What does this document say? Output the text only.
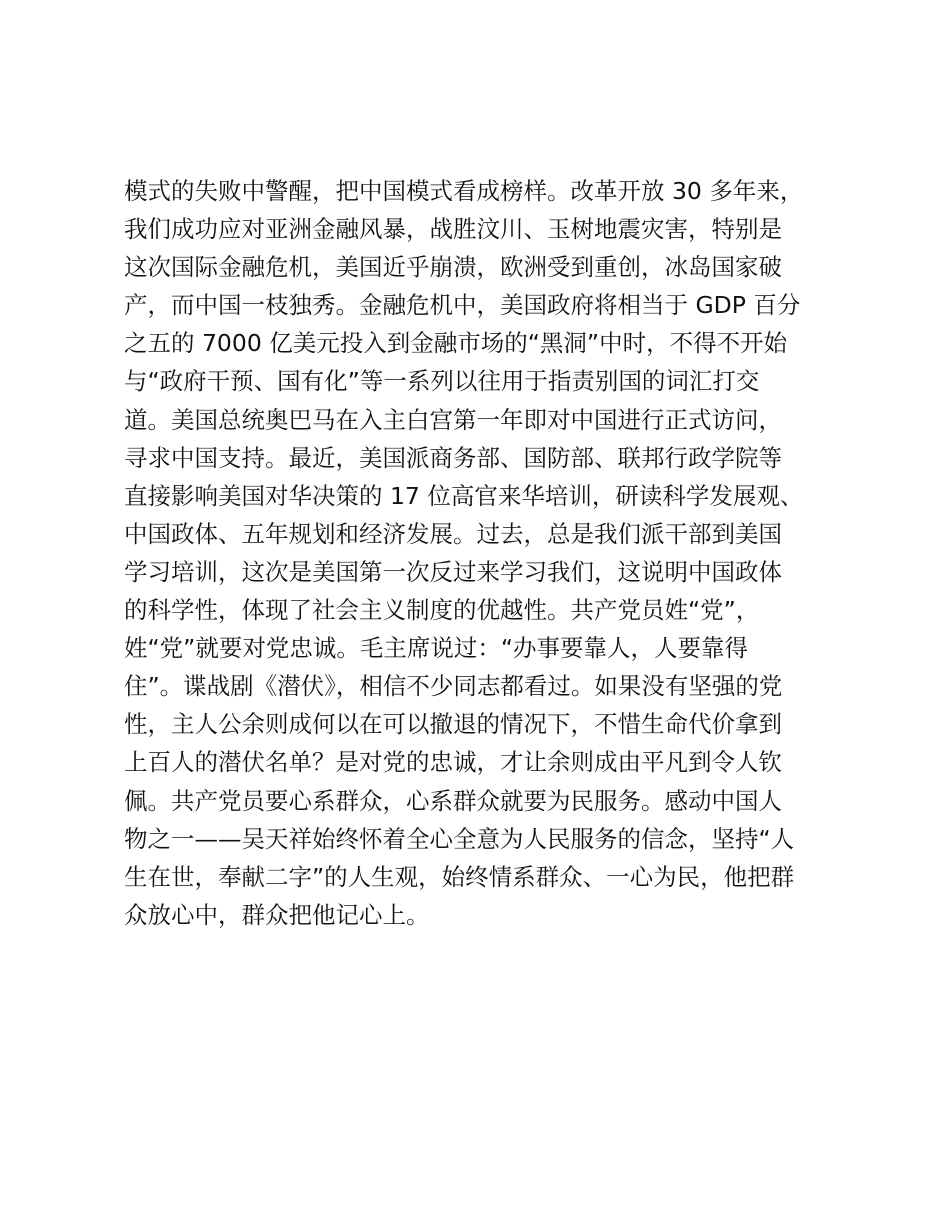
模式的失败中警醒，把中国模式看成榜样。改革开放 30 多年来，
我们成功应对亚洲金融风暴，战胜汶川、玉树地震灾害，特别是
这次国际金融危机，美国近乎崩溃，欧洲受到重创，冰岛国家破
产，而中国一枝独秀。金融危机中，美国政府将相当于 GDP 百分
之五的 7000 亿美元投入到金融市场的“黑洞”中时，不得不开始
与“政府干预、国有化”等一系列以往用于指责别国的词汇打交
道。美国总统奥巴马在入主白宫第一年即对中国进行正式访问，
寻求中国支持。最近，美国派商务部、国防部、联邦行政学院等
直接影响美国对华决策的 17 位高官来华培训，研读科学发展观、
中国政体、五年规划和经济发展。过去，总是我们派干部到美国
学习培训，这次是美国第一次反过来学习我们，这说明中国政体
的科学性，体现了社会主义制度的优越性。共产党员姓“党”，
姓“党”就要对党忠诚。毛主席说过：“办事要靠人，人要靠得
住”。谍战剧《潜伏》，相信不少同志都看过。如果没有坚强的党
性，主人公余则成何以在可以撤退的情况下，不惜生命代价拿到
上百人的潜伏名单？是对党的忠诚，才让余则成由平凡到令人钦
佩。共产党员要心系群众，心系群众就要为民服务。感动中国人
物之一——吴天祥始终怀着全心全意为人民服务的信念，坚持“人
生在世，奉献二字”的人生观，始终情系群众、一心为民，他把群
众放心中，群众把他记心上。
